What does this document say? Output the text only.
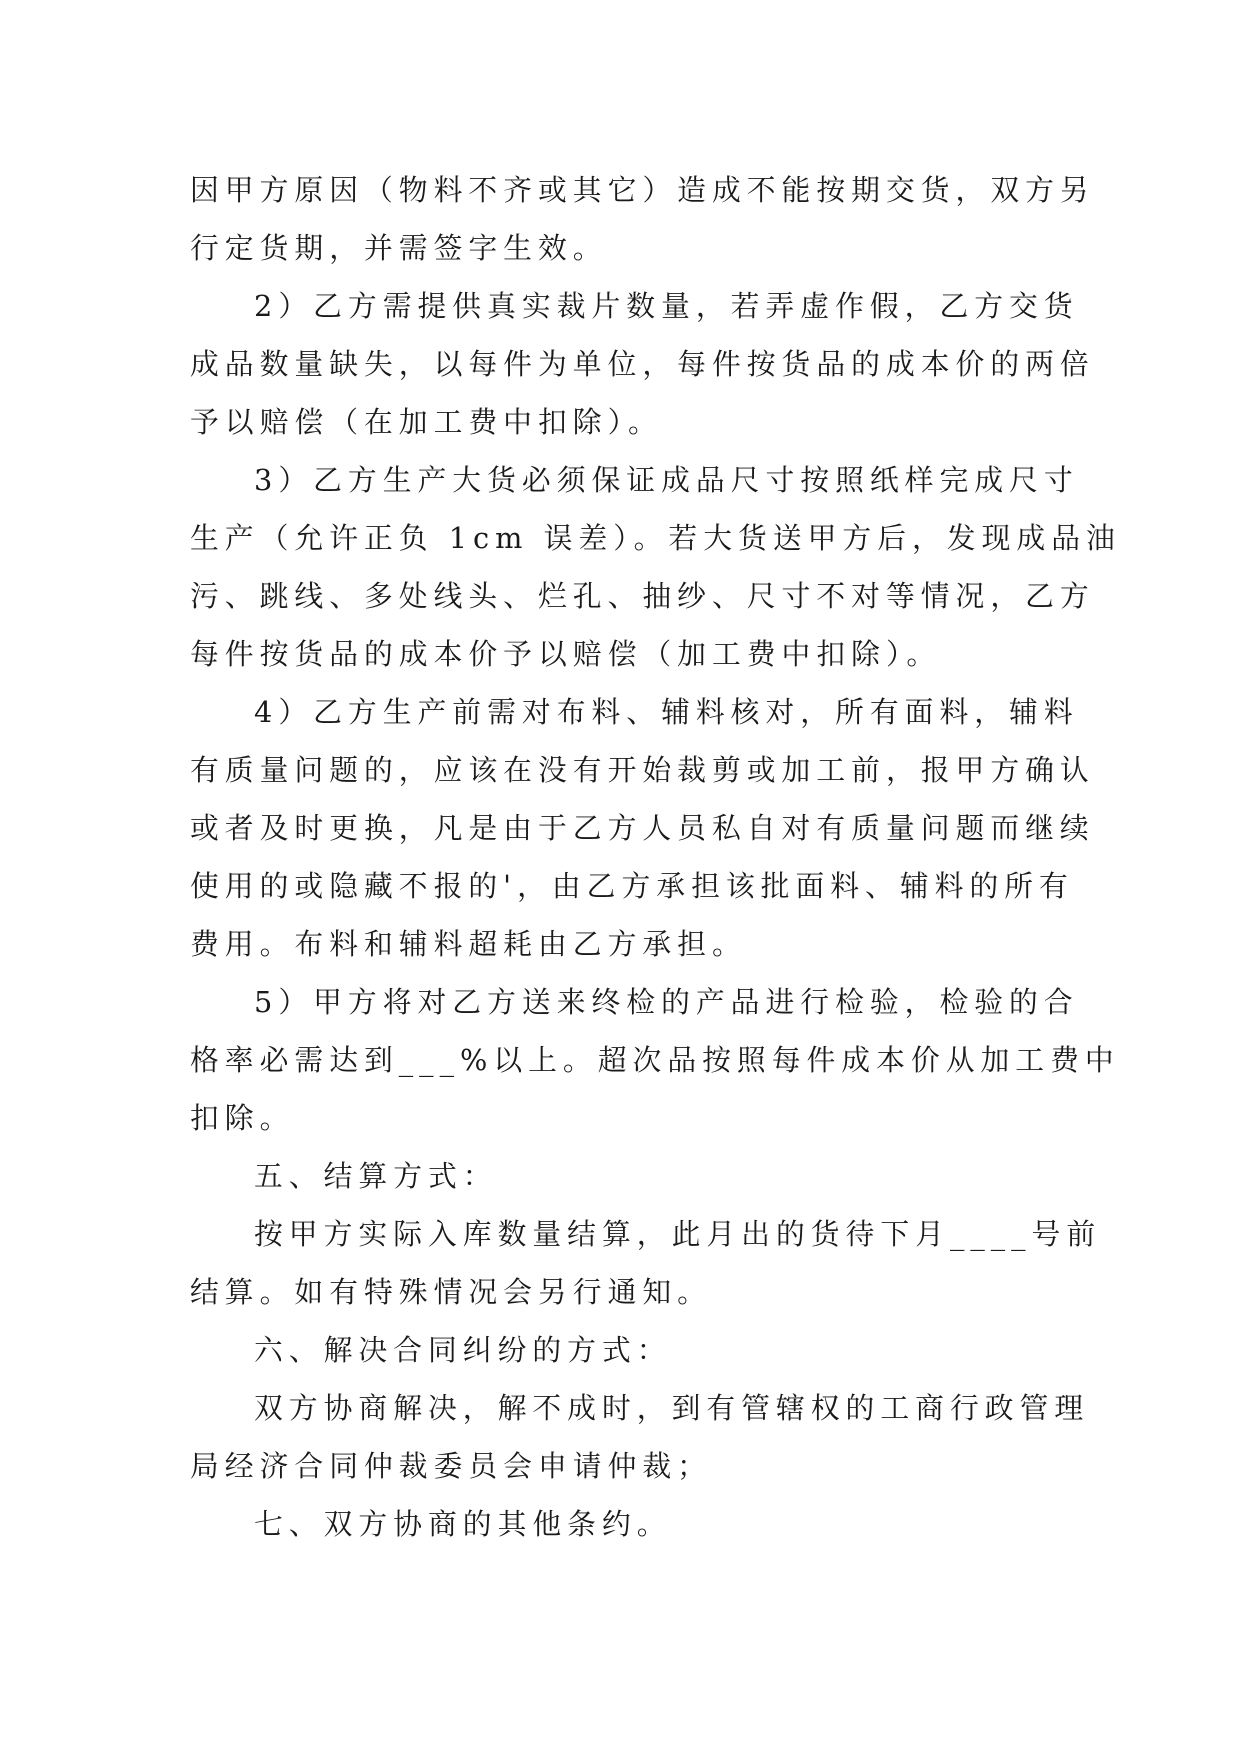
因甲方原因（物料不齐或其它）造成不能按期交货，双方另

行定货期，并需签字生效。

2）乙方需提供真实裁片数量，若弄虚作假，乙方交货

成品数量缺失，以每件为单位，每件按货品的成本价的两倍

予以赔偿（在加工费中扣除）。

3）乙方生产大货必须保证成品尺寸按照纸样完成尺寸

生产（允许正负 1cm 误差）。若大货送甲方后，发现成品油

污、跳线、多处线头、烂孔、抽纱、尺寸不对等情况，乙方

每件按货品的成本价予以赔偿（加工费中扣除）。

4）乙方生产前需对布料、辅料核对，所有面料，辅料

有质量问题的，应该在没有开始裁剪或加工前，报甲方确认

或者及时更换，凡是由于乙方人员私自对有质量问题而继续

使用的或隐藏不报的'，由乙方承担该批面料、辅料的所有

费用。布料和辅料超耗由乙方承担。

5）甲方将对乙方送来终检的产品进行检验，检验的合

格率必需达到___%以上。超次品按照每件成本价从加工费中

扣除。

五、结算方式：

按甲方实际入库数量结算，此月出的货待下月____号前

结算。如有特殊情况会另行通知。

六、解决合同纠纷的方式：

双方协商解决，解不成时，到有管辖权的工商行政管理

局经济合同仲裁委员会申请仲裁；

七、双方协商的其他条约。
